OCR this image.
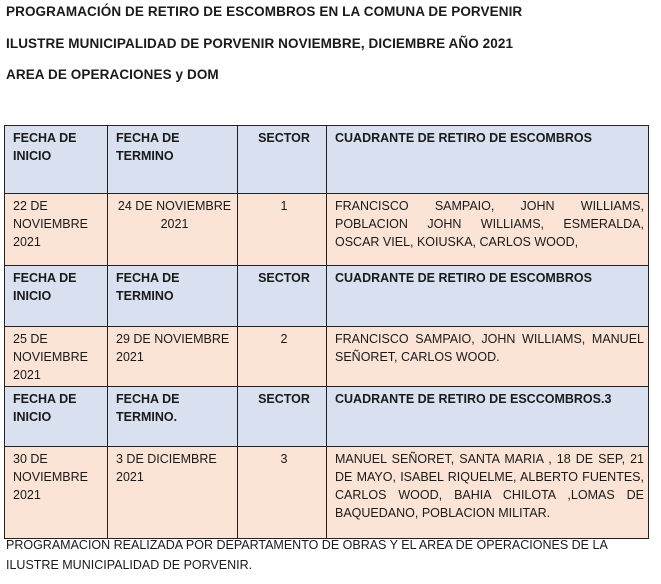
PROGRAMACIÓN DE RETIRO DE ESCOMBROS EN LA COMUNA DE PORVENIR
ILUSTRE MUNICIPALIDAD DE PORVENIR NOVIEMBRE, DICIEMBRE AÑO 2021
AREA DE OPERACIONES y DOM
FECHA DE INICIO	FECHA DE TERMINO	SECTOR	CUADRANTE DE RETIRO DE ESCOMBROS
22 DE NOVIEMBRE 2021	24 DE NOVIEMBRE 2021	1	FRANCISCO SAMPAIO, JOHN WILLIAMS, POBLACION JOHN WILLIAMS, ESMERALDA, OSCAR VIEL, KOIUSKA, CARLOS WOOD,
FECHA DE INICIO	FECHA DE TERMINO	SECTOR	CUADRANTE DE RETIRO DE ESCOMBROS
25 DE NOVIEMBRE 2021	29 DE NOVIEMBRE 2021	2	FRANCISCO SAMPAIO, JOHN WILLIAMS, MANUEL SEÑORET, CARLOS WOOD.
FECHA DE INICIO	FECHA DE TERMINO.	SECTOR	CUADRANTE DE RETIRO DE ESCCOMBROS.3
30 DE NOVIEMBRE 2021	3 DE DICIEMBRE 2021	3	MANUEL SEÑORET, SANTA MARIA , 18 DE SEP, 21 DE MAYO, ISABEL RIQUELME, ALBERTO FUENTES, CARLOS WOOD, BAHIA CHILOTA ,LOMAS DE BAQUEDANO, POBLACION MILITAR.
PROGRAMACION REALIZADA POR DEPARTAMENTO DE OBRAS Y EL AREA DE OPERACIONES DE LA ILUSTRE MUNICIPALIDAD DE PORVENIR.
